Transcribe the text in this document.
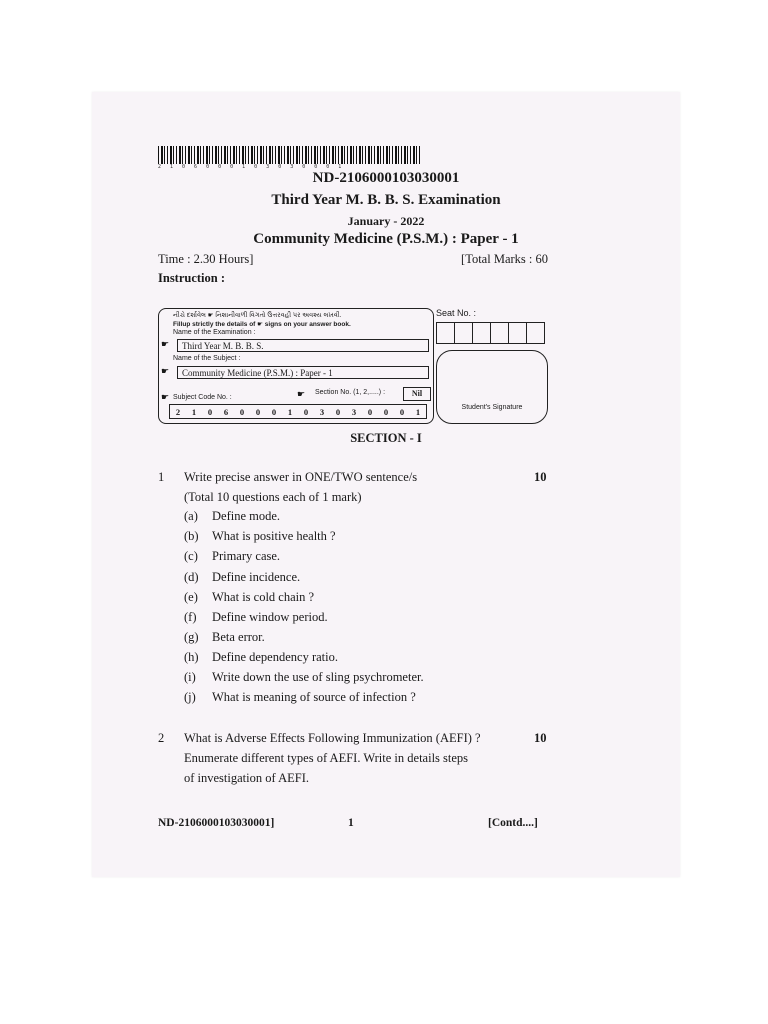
2 1 0 6 0 0 0 1 0 3 0 3 0 0 0 1
ND-2106000103030001
Third Year M. B. B. S. Examination
January - 2022
Community Medicine (P.S.M.) : Paper - 1
Time : 2.30 Hours]	[Total Marks : 60
Instruction :
નીચે દર્શાવેલ ☛ નિશાનીવાળી વિગતો ઉત્તરવહી પર અવશ્ય લખવી.
Fillup strictly the details of ☛ signs on your answer book.
Name of the Examination :
☛	Third Year M. B. B. S.
Name of the Subject :
☛	Community Medicine (P.S.M.) : Paper - 1
☛ Section No. (1, 2,.....) :	Nil
☛ Subject Code No. :
2 1 0 6 0 0 0 1 0 3 0 3 0 0 0 1
Seat No. :
Student's Signature
SECTION - I
1 Write precise answer in ONE/TWO sentence/s	10
(Total 10 questions each of 1 mark)
(a) Define mode.
(b) What is positive health ?
(c) Primary case.
(d) Define incidence.
(e) What is cold chain ?
(f) Define window period.
(g) Beta error.
(h) Define dependency ratio.
(i) Write down the use of sling psychrometer.
(j) What is meaning of source of infection ?
2 What is Adverse Effects Following Immunization (AEFI) ?	10
Enumerate different types of AEFI. Write in details steps
of investigation of AEFI.
ND-2106000103030001]	1	[Contd....]
